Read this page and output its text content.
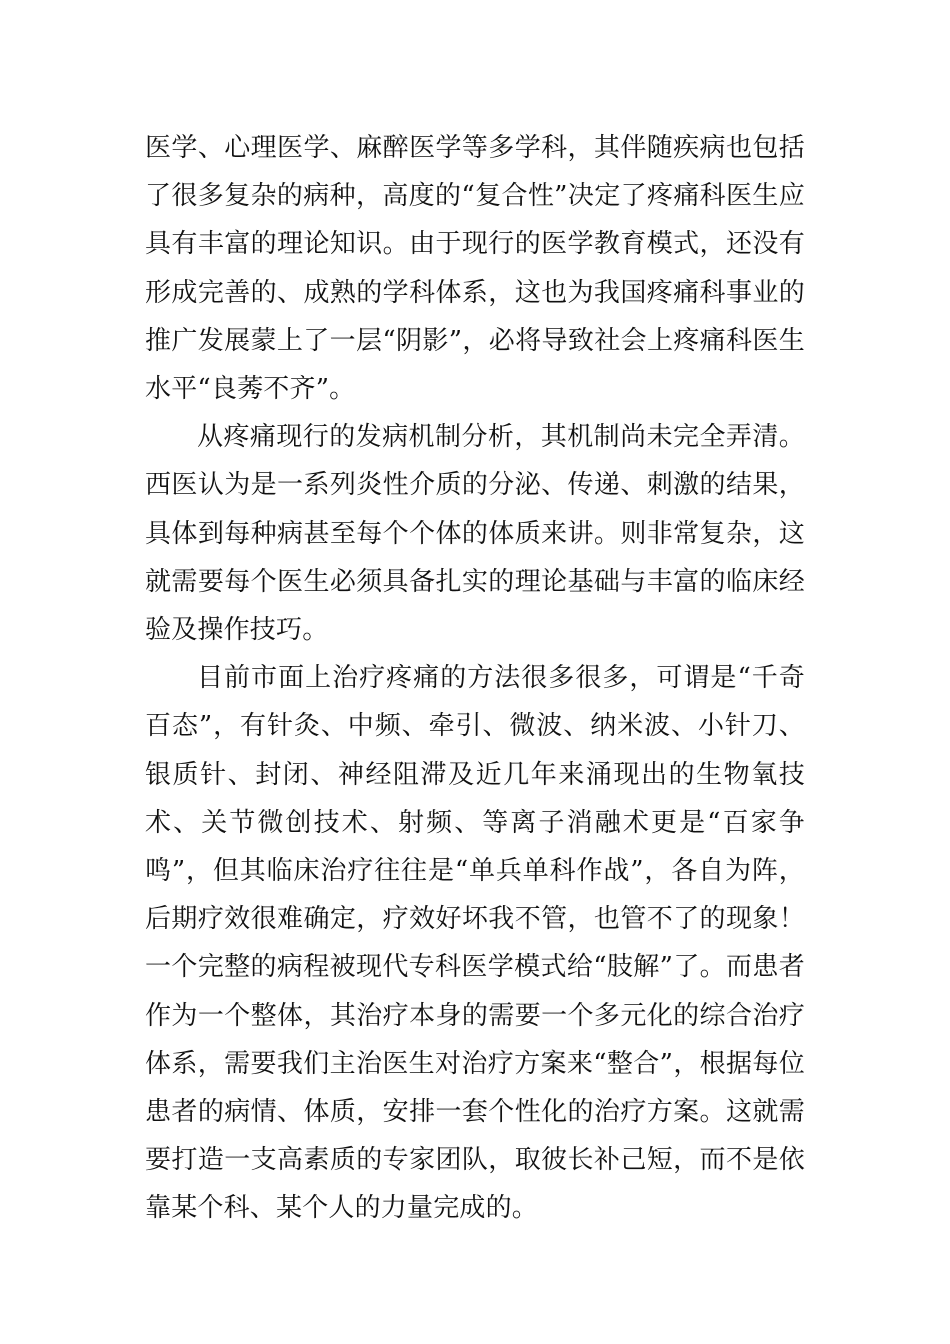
医学、心理医学、麻醉医学等多学科，其伴随疾病也包括了很多复杂的病种，高度的“复合性”决定了疼痛科医生应具有丰富的理论知识。由于现行的医学教育模式，还没有形成完善的、成熟的学科体系，这也为我国疼痛科事业的推广发展蒙上了一层“阴影”，必将导致社会上疼痛科医生水平“良莠不齐”。

从疼痛现行的发病机制分析，其机制尚未完全弄清。西医认为是一系列炎性介质的分泌、传递、刺激的结果，具体到每种病甚至每个个体的体质来讲。则非常复杂，这就需要每个医生必须具备扎实的理论基础与丰富的临床经验及操作技巧。

目前市面上治疗疼痛的方法很多很多，可谓是“千奇百态”，有针灸、中频、牵引、微波、纳米波、小针刀、银质针、封闭、神经阻滞及近几年来涌现出的生物氧技术、关节微创技术、射频、等离子消融术更是“百家争鸣”，但其临床治疗往往是“单兵单科作战”，各自为阵，后期疗效很难确定，疗效好坏我不管，也管不了的现象！一个完整的病程被现代专科医学模式给“肢解”了。而患者作为一个整体，其治疗本身的需要一个多元化的综合治疗体系，需要我们主治医生对治疗方案来“整合”，根据每位患者的病情、体质，安排一套个性化的治疗方案。这就需要打造一支高素质的专家团队，取彼长补己短，而不是依靠某个科、某个人的力量完成的。
